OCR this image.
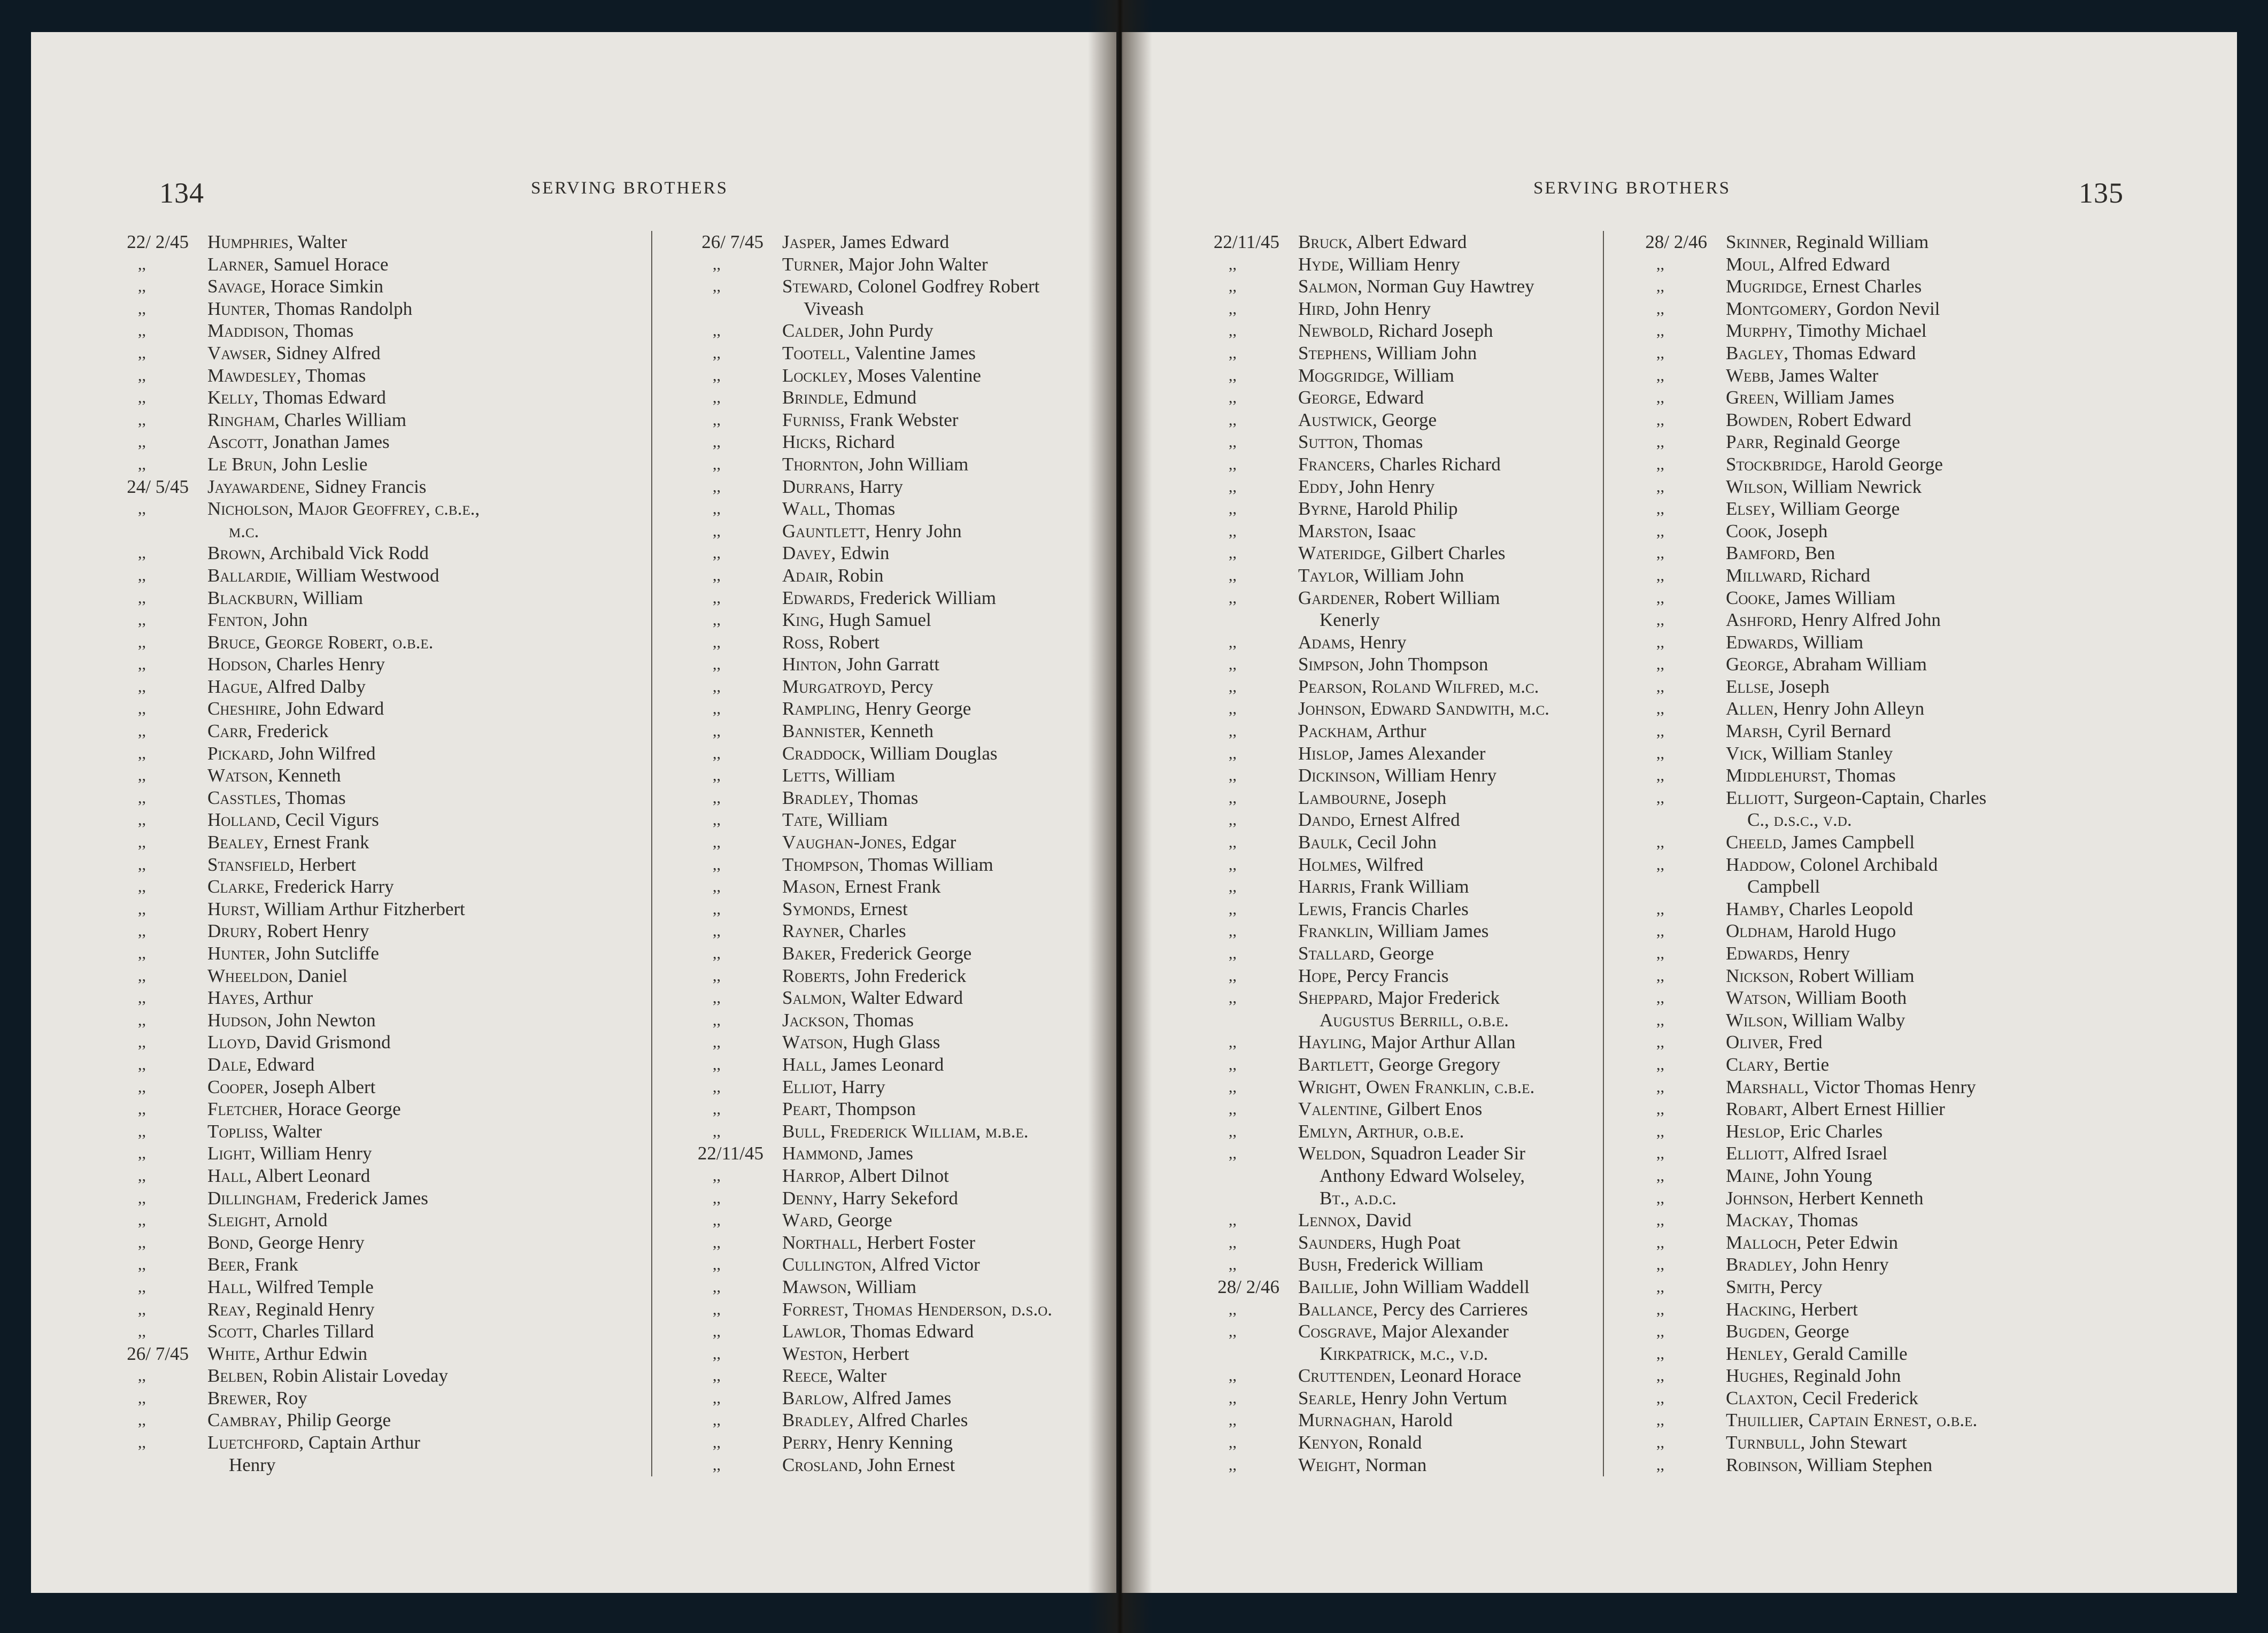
134	SERVING BROTHERS
22/ 2/45 Humphries, Walter
,,	Larner, Samuel Horace
,,	Savage, Horace Simkin
,,	Hunter, Thomas Randolph
,,	Maddison, Thomas
,,	Vawser, Sidney Alfred
,,	Mawdesley, Thomas
,,	Kelly, Thomas Edward
,,	Ringham, Charles William
,,	Ascott, Jonathan James
,,	Le Brun, John Leslie
24/ 5/45 Jayawardene, Sidney Francis
,,	Nicholson, Major Geoffrey, c.b.e.,
m.c.
,,	Brown, Archibald Vick Rodd
,,	Ballardie, William Westwood
,,	Blackburn, William
,,	Fenton, John
,,	Bruce, George Robert, o.b.e.
,,	Hodson, Charles Henry
,,	Hague, Alfred Dalby
,,	Cheshire, John Edward
,,	Carr, Frederick
,,	Pickard, John Wilfred
,,	Watson, Kenneth
,,	Casstles, Thomas
,,	Holland, Cecil Vigurs
,,	Bealey, Ernest Frank
,,	Stansfield, Herbert
,,	Clarke, Frederick Harry
,,	Hurst, William Arthur Fitzherbert
,,	Drury, Robert Henry
,,	Hunter, John Sutcliffe
,,	Wheeldon, Daniel
,,	Hayes, Arthur
,,	Hudson, John Newton
,,	Lloyd, David Grismond
,,	Dale, Edward
,,	Cooper, Joseph Albert
,,	Fletcher, Horace George
,,	Topliss, Walter
,,	Light, William Henry
,,	Hall, Albert Leonard
,,	Dillingham, Frederick James
,,	Sleight, Arnold
,,	Bond, George Henry
,,	Beer, Frank
,,	Hall, Wilfred Temple
,,	Reay, Reginald Henry
,,	Scott, Charles Tillard
26/ 7/45 White, Arthur Edwin
,,	Belben, Robin Alistair Loveday
,,	Brewer, Roy
,,	Cambray, Philip George
,,	Luetchford, Captain Arthur
Henry
26/ 7/45 Jasper, James Edward
,,	Turner, Major John Walter
,,	Steward, Colonel Godfrey Robert
Viveash
,,	Calder, John Purdy
,,	Tootell, Valentine James
,,	Lockley, Moses Valentine
,,	Brindle, Edmund
,,	Furniss, Frank Webster
,,	Hicks, Richard
,,	Thornton, John William
,,	Durrans, Harry
,,	Wall, Thomas
,,	Gauntlett, Henry John
,,	Davey, Edwin
,,	Adair, Robin
,,	Edwards, Frederick William
,,	King, Hugh Samuel
,,	Ross, Robert
,,	Hinton, John Garratt
,,	Murgatroyd, Percy
,,	Rampling, Henry George
,,	Bannister, Kenneth
,,	Craddock, William Douglas
,,	Letts, William
,,	Bradley, Thomas
,,	Tate, William
,,	Vaughan-Jones, Edgar
,,	Thompson, Thomas William
,,	Mason, Ernest Frank
,,	Symonds, Ernest
,,	Rayner, Charles
,,	Baker, Frederick George
,,	Roberts, John Frederick
,,	Salmon, Walter Edward
,,	Jackson, Thomas
,,	Watson, Hugh Glass
,,	Hall, James Leonard
,,	Elliot, Harry
,,	Peart, Thompson
,,	Bull, Frederick William, m.b.e.
22/11/45 Hammond, James
,,	Harrop, Albert Dilnot
,,	Denny, Harry Sekeford
,,	Ward, George
,,	Northall, Herbert Foster
,,	Cullington, Alfred Victor
,,	Mawson, William
,,	Forrest, Thomas Henderson, d.s.o.
,,	Lawlor, Thomas Edward
,,	Weston, Herbert
,,	Reece, Walter
,,	Barlow, Alfred James
,,	Bradley, Alfred Charles
,,	Perry, Henry Kenning
,,	Crosland, John Ernest
SERVING BROTHERS	135
22/11/45 Bruck, Albert Edward
,,	Hyde, William Henry
,,	Salmon, Norman Guy Hawtrey
,,	Hird, John Henry
,,	Newbold, Richard Joseph
,,	Stephens, William John
,,	Moggridge, William
,,	George, Edward
,,	Austwick, George
,,	Sutton, Thomas
,,	Francers, Charles Richard
,,	Eddy, John Henry
,,	Byrne, Harold Philip
,,	Marston, Isaac
,,	Wateridge, Gilbert Charles
,,	Taylor, William John
,,	Gardener, Robert William
Kenerly
,,	Adams, Henry
,,	Simpson, John Thompson
,,	Pearson, Roland Wilfred, m.c.
,,	Johnson, Edward Sandwith, m.c.
,,	Packham, Arthur
,,	Hislop, James Alexander
,,	Dickinson, William Henry
,,	Lambourne, Joseph
,,	Dando, Ernest Alfred
,,	Baulk, Cecil John
,,	Holmes, Wilfred
,,	Harris, Frank William
,,	Lewis, Francis Charles
,,	Franklin, William James
,,	Stallard, George
,,	Hope, Percy Francis
,,	Sheppard, Major Frederick
Augustus Berrill, o.b.e.
,,	Hayling, Major Arthur Allan
,,	Bartlett, George Gregory
,,	Wright, Owen Franklin, c.b.e.
,,	Valentine, Gilbert Enos
,,	Emlyn, Arthur, o.b.e.
,,	Weldon, Squadron Leader Sir
Anthony Edward Wolseley,
Bt., a.d.c.
,,	Lennox, David
,,	Saunders, Hugh Poat
,,	Bush, Frederick William
28/ 2/46 Baillie, John William Waddell
,,	Ballance, Percy des Carrieres
,,	Cosgrave, Major Alexander
Kirkpatrick, m.c., v.d.
,,	Cruttenden, Leonard Horace
,,	Searle, Henry John Vertum
,,	Murnaghan, Harold
,,	Kenyon, Ronald
,,	Weight, Norman
28/ 2/46 Skinner, Reginald William
,,	Moul, Alfred Edward
,,	Mugridge, Ernest Charles
,,	Montgomery, Gordon Nevil
,,	Murphy, Timothy Michael
,,	Bagley, Thomas Edward
,,	Webb, James Walter
,,	Green, William James
,,	Bowden, Robert Edward
,,	Parr, Reginald George
,,	Stockbridge, Harold George
,,	Wilson, William Newrick
,,	Elsey, William George
,,	Cook, Joseph
,,	Bamford, Ben
,,	Millward, Richard
,,	Cooke, James William
,,	Ashford, Henry Alfred John
,,	Edwards, William
,,	George, Abraham William
,,	Ellse, Joseph
,,	Allen, Henry John Alleyn
,,	Marsh, Cyril Bernard
,,	Vick, William Stanley
,,	Middlehurst, Thomas
,,	Elliott, Surgeon-Captain, Charles
C., d.s.c., v.d.
,,	Cheeld, James Campbell
,,	Haddow, Colonel Archibald
Campbell
,,	Hamby, Charles Leopold
,,	Oldham, Harold Hugo
,,	Edwards, Henry
,,	Nickson, Robert William
,,	Watson, William Booth
,,	Wilson, William Walby
,,	Oliver, Fred
,,	Clary, Bertie
,,	Marshall, Victor Thomas Henry
,,	Robart, Albert Ernest Hillier
,,	Heslop, Eric Charles
,,	Elliott, Alfred Israel
,,	Maine, John Young
,,	Johnson, Herbert Kenneth
,,	Mackay, Thomas
,,	Malloch, Peter Edwin
,,	Bradley, John Henry
,,	Smith, Percy
,,	Hacking, Herbert
,,	Bugden, George
,,	Henley, Gerald Camille
,,	Hughes, Reginald John
,,	Claxton, Cecil Frederick
,,	Thuillier, Captain Ernest, o.b.e.
,,	Turnbull, John Stewart
,,	Robinson, William Stephen
